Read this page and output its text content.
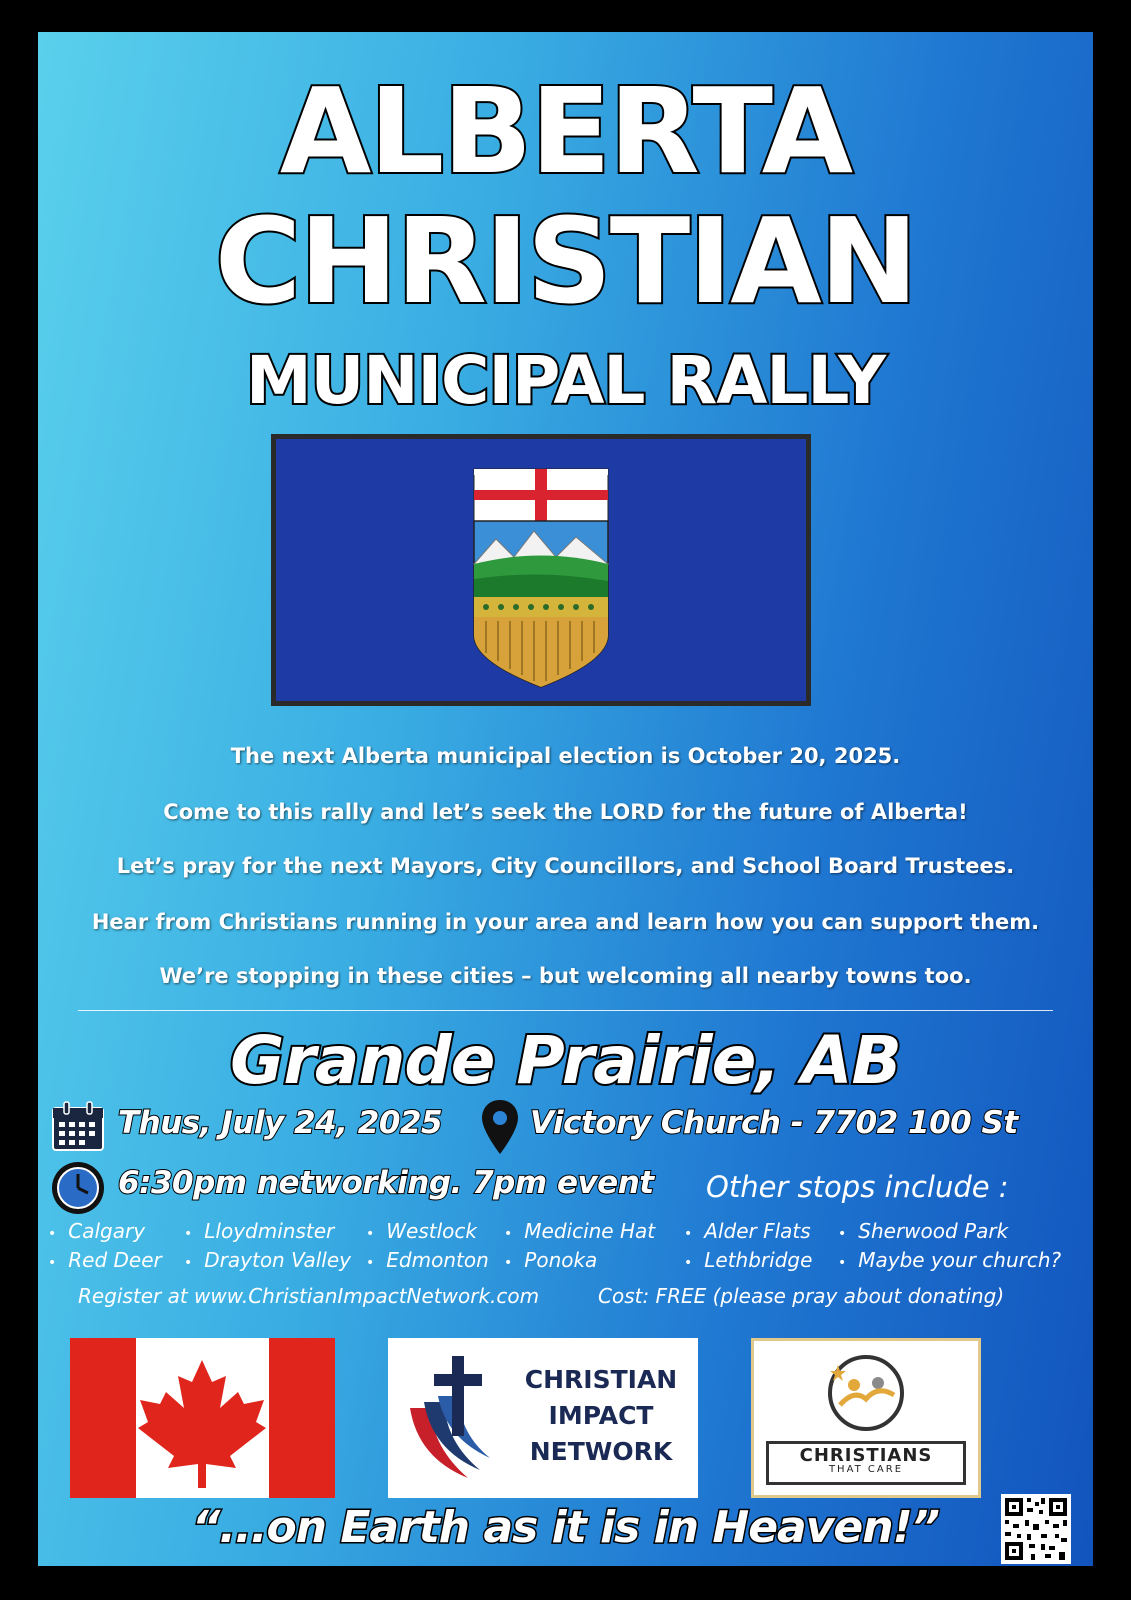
ALBERTA
CHRISTIAN
MUNICIPAL RALLY
The next Alberta municipal election is October 20, 2025.
Come to this rally and let’s seek the LORD for the future of Alberta!
Let’s pray for the next Mayors, City Councillors, and School Board Trustees.
Hear from Christians running in your area and learn how you can support them.
We’re stopping in these cities – but welcoming all nearby towns too.
Grande Prairie, AB
Thus, July 24, 2025	Victory Church - 7702 100 St
6:30pm networking. 7pm event Other stops include :
• Calgary
• Red Deer
• Lloydminster
• Drayton Valley
• Westlock
• Edmonton
• Medicine Hat
• Ponoka
• Alder Flats
• Lethbridge
• Sherwood Park
• Maybe your church?
Register at www.ChristianImpactNetwork.com	Cost: FREE (please pray about donating)
CHRISTIAN
IMPACT
NETWORK	CHRISTIANS
THAT CARE
“...on Earth as it is in Heaven!”
